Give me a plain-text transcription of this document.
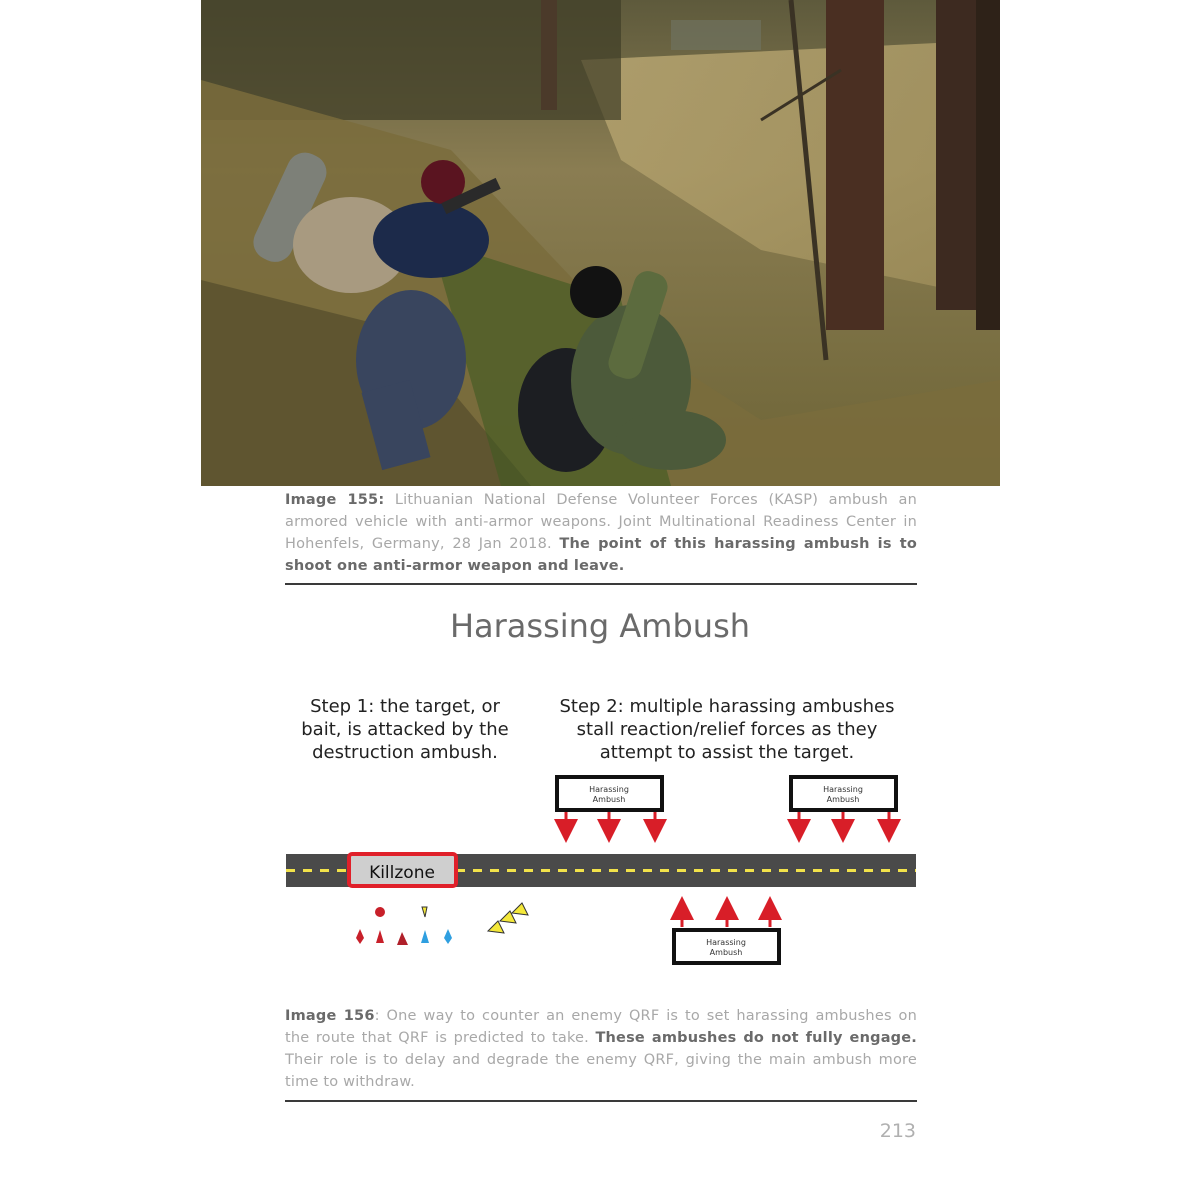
Image 155: Lithuanian National Defense Volunteer Forces (KASP) ambush an armored vehicle with anti-armor weapons. Joint Multinational Readiness Center in Hohenfels, Germany, 28 Jan 2018. The point of this harassing ambush is to shoot one anti-armor weapon and leave.
Harassing Ambush
Step 1: the target, or
bait, is attacked by the
destruction ambush.
Step 2: multiple harassing ambushes
stall reaction/relief forces as they
attempt to assist the target.
Harassing
Ambush
Harassing
Ambush
Killzone
Harassing
Ambush
Image 156: One way to counter an enemy QRF is to set harassing ambushes on the route that QRF is predicted to take. These ambushes do not fully engage. Their role is to delay and degrade the enemy QRF, giving the main ambush more time to withdraw.
213
